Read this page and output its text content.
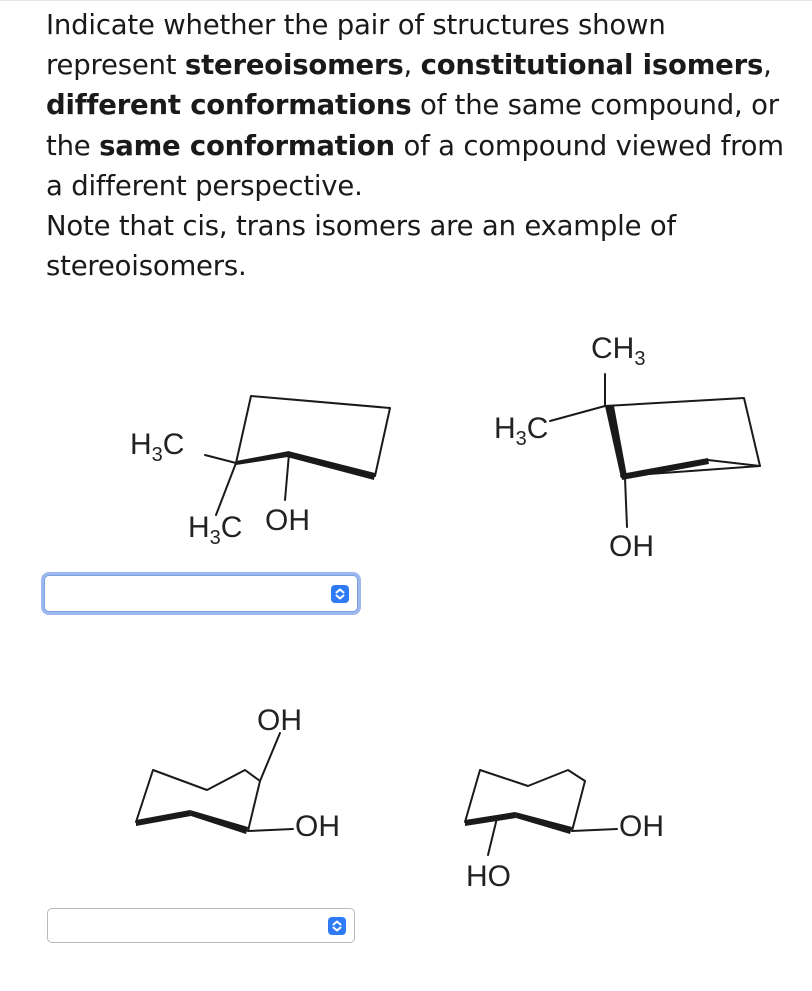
Indicate whether the pair of structures shown represent stereoisomers, constitutional isomers, different conformations of the same compound, or the same conformation of a compound viewed from a different perspective.

Note that cis, trans isomers are an example of stereoisomers.

$H_3C$
$H_3C$ OH
$CH_3$
$H_3C$
OH
OH
OH
HO
OH
